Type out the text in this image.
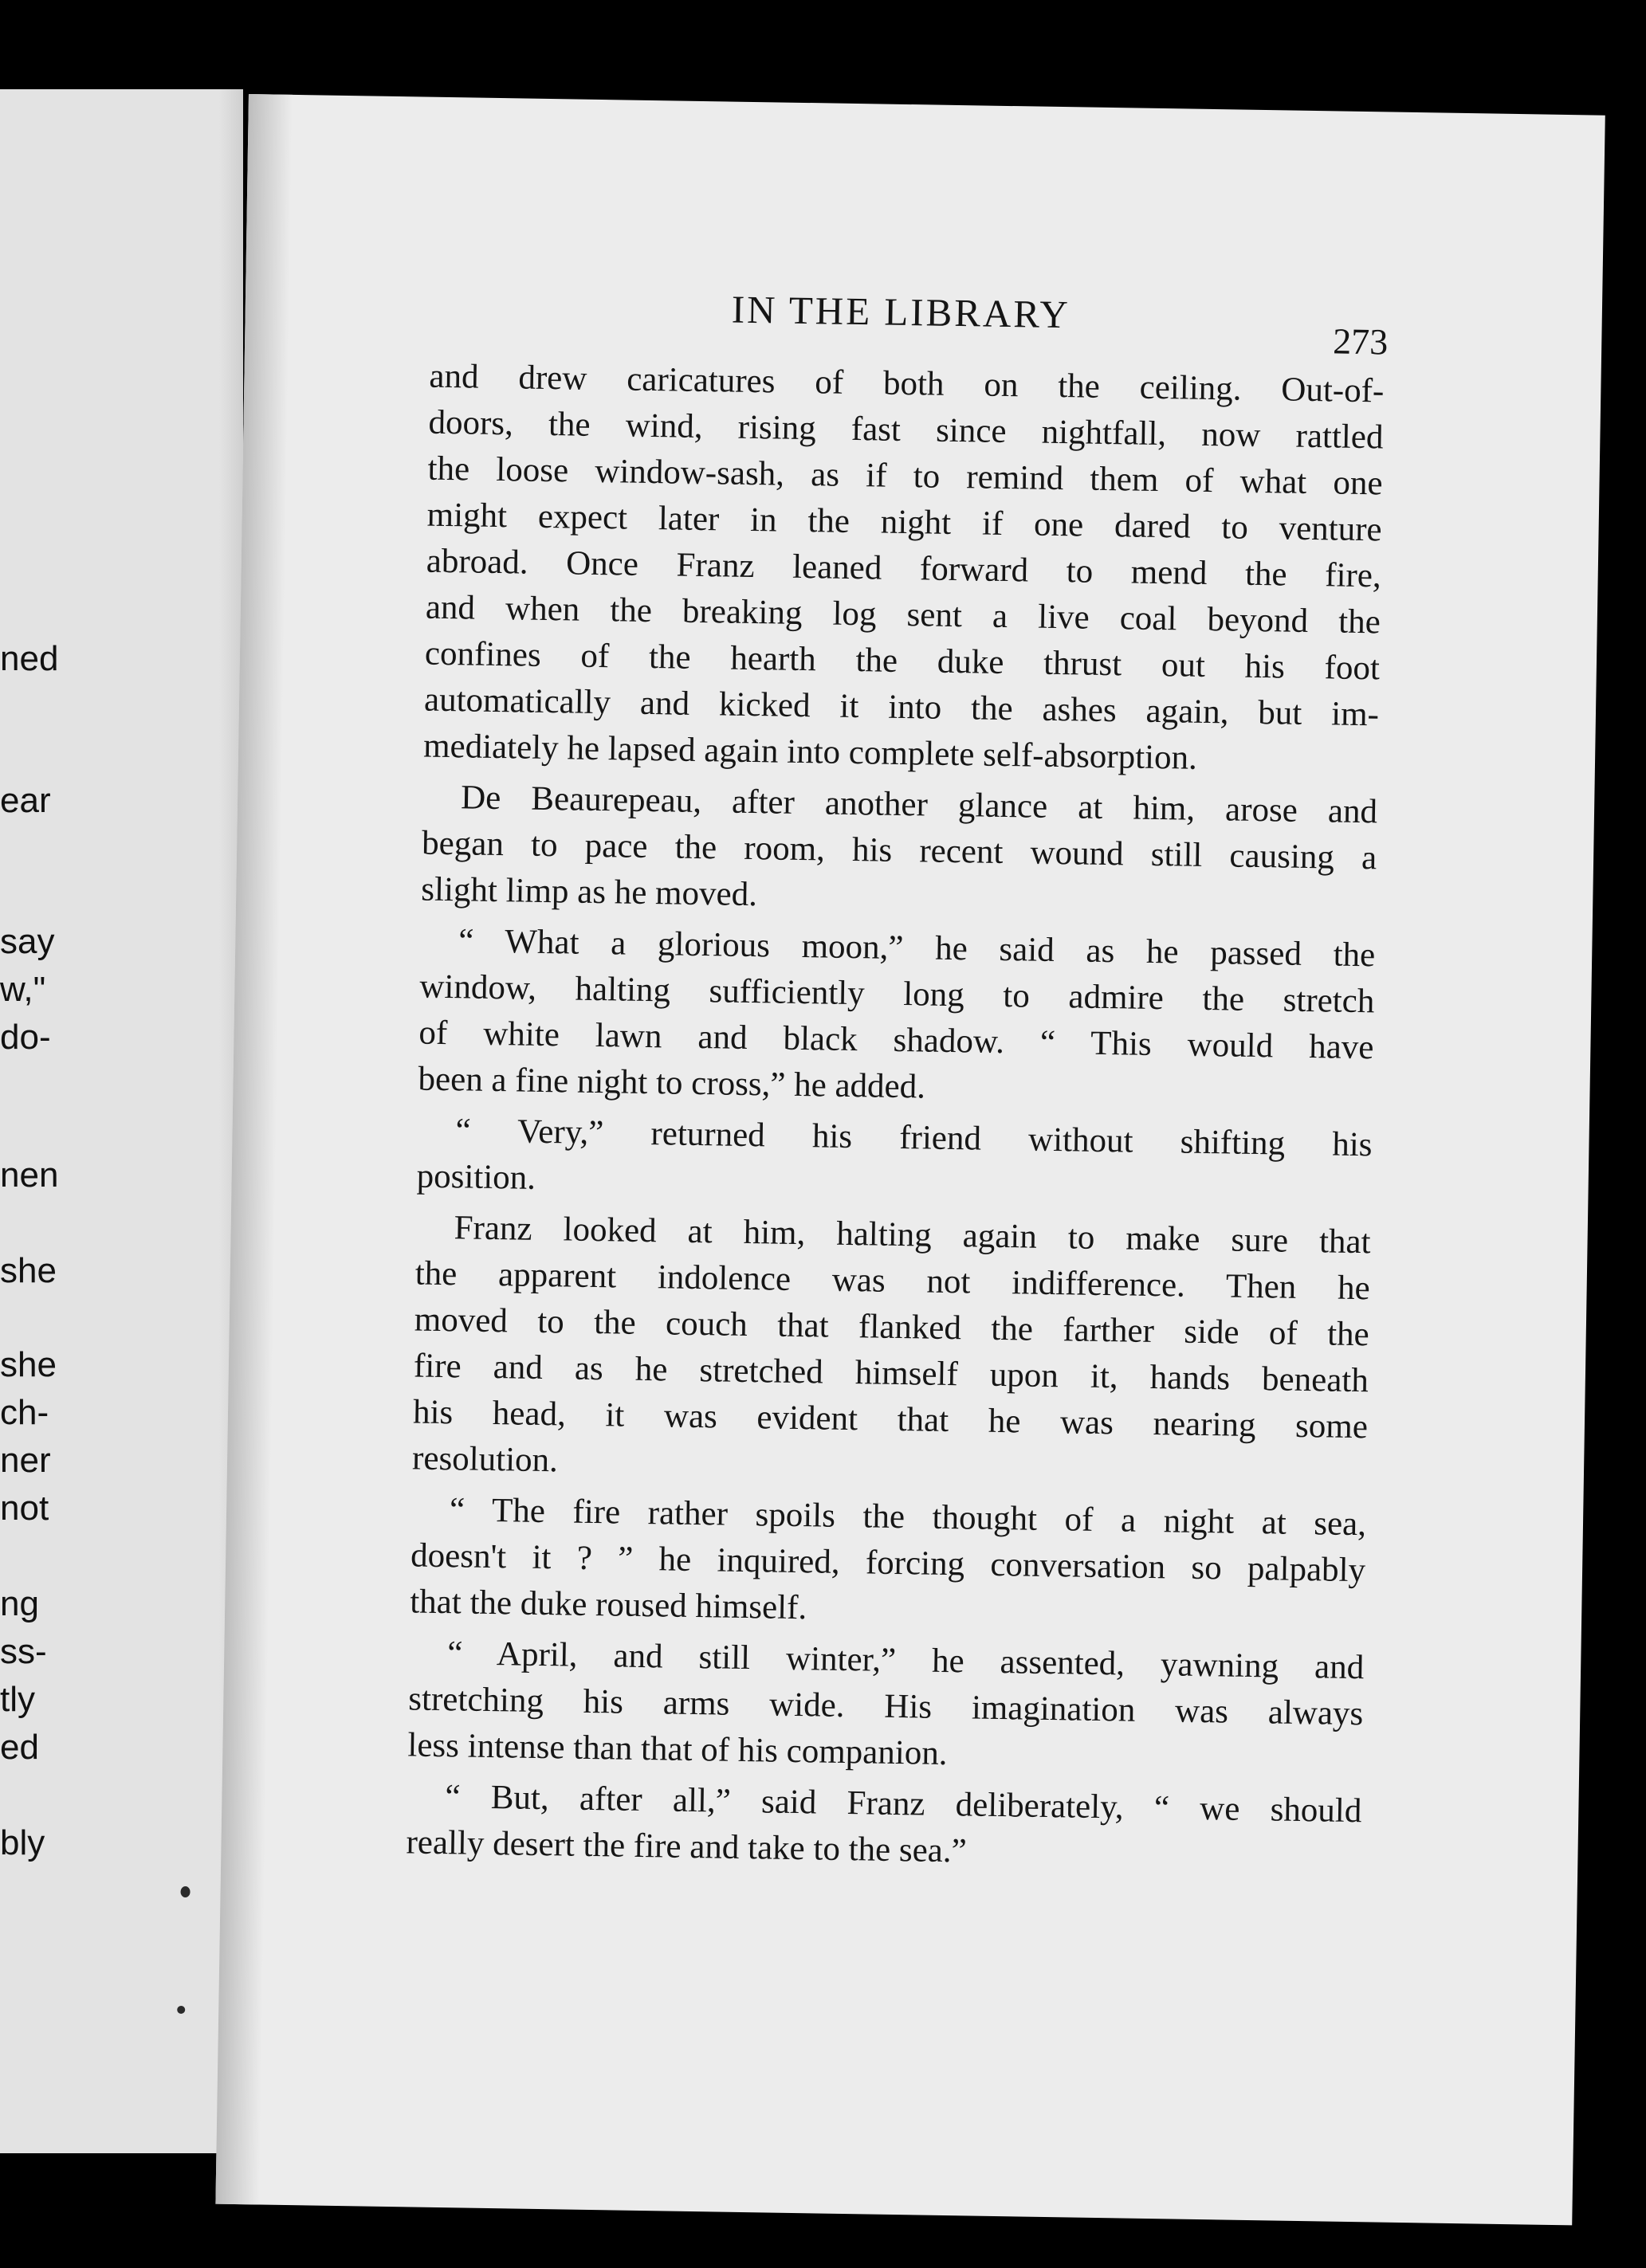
ned
ear
say
w,"
do-
nen
she
she
ch-
ner
not
ng
ss-
tly
ed
bly
IN THE LIBRARY
273
and drew caricatures of both on the ceiling. Out-of-
doors, the wind, rising fast since nightfall, now rattled
the loose window-sash, as if to remind them of what one
might expect later in the night if one dared to venture
abroad. Once Franz leaned forward to mend the fire,
and when the breaking log sent a live coal beyond the
confines of the hearth the duke thrust out his foot
automatically and kicked it into the ashes again, but im-
mediately he lapsed again into complete self-absorption.
De Beaurepeau, after another glance at him, arose and
began to pace the room, his recent wound still causing a
slight limp as he moved.
“ What a glorious moon,” he said as he passed the
window, halting sufficiently long to admire the stretch
of white lawn and black shadow. “ This would have
been a fine night to cross,” he added.
“ Very,” returned his friend without shifting his
position.
Franz looked at him, halting again to make sure that
the apparent indolence was not indifference. Then he
moved to the couch that flanked the farther side of the
fire and as he stretched himself upon it, hands beneath
his head, it was evident that he was nearing some
resolution.
“ The fire rather spoils the thought of a night at sea,
doesn't it ? ” he inquired, forcing conversation so palpably
that the duke roused himself.
“ April, and still winter,” he assented, yawning and
stretching his arms wide. His imagination was always
less intense than that of his companion.
“ But, after all,” said Franz deliberately, “ we should
really desert the fire and take to the sea.”
